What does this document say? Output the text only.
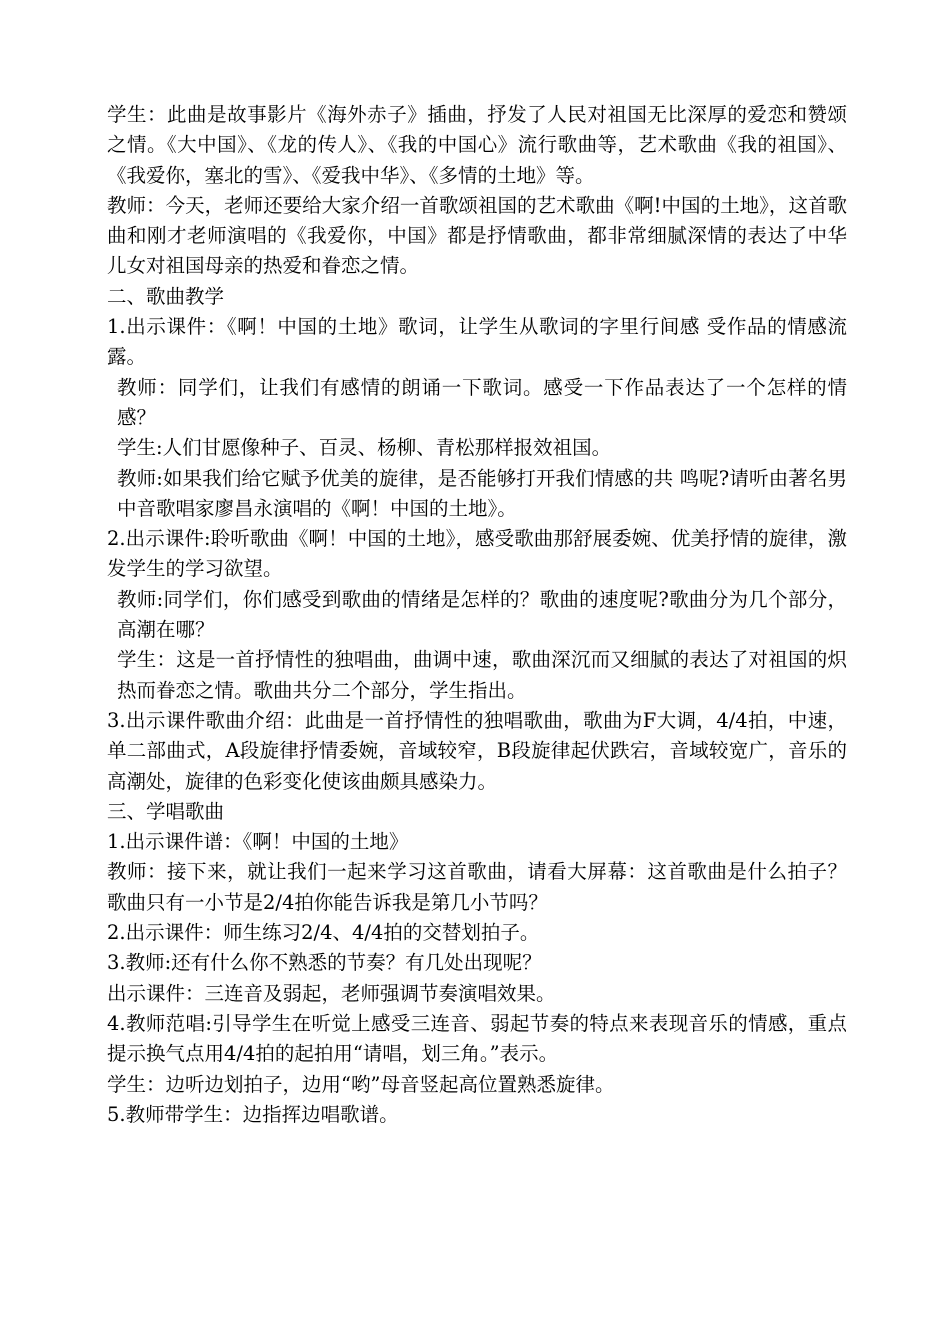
学生：此曲是故事影片《海外赤子》插曲，抒发了人民对祖国无比深厚的爱恋和赞颂之情。《大中国》、《龙的传人》、《我的中国心》流行歌曲等，艺术歌曲《我的祖国》、《我爱你，塞北的雪》、《爱我中华》、《多情的土地》等。

教师：今天，老师还要给大家介绍一首歌颂祖国的艺术歌曲《啊!中国的土地》，这首歌曲和刚才老师演唱的《我爱你，中国》都是抒情歌曲，都非常细腻深情的表达了中华儿女对祖国母亲的热爱和眷恋之情。

二、歌曲教学

1.出示课件：《啊！中国的土地》歌词，让学生从歌词的字里行间感 受作品的情感流露。

教师：同学们，让我们有感情的朗诵一下歌词。感受一下作品表达了一个怎样的情感？

学生:人们甘愿像种子、百灵、杨柳、青松那样报效祖国。

教师:如果我们给它赋予优美的旋律，是否能够打开我们情感的共 鸣呢?请听由著名男中音歌唱家廖昌永演唱的《啊！中国的土地》。

2.出示课件:聆听歌曲《啊！中国的土地》，感受歌曲那舒展委婉、优美抒情的旋律，激发学生的学习欲望。

教师:同学们，你们感受到歌曲的情绪是怎样的？歌曲的速度呢?歌曲分为几个部分，高潮在哪？

学生：这是一首抒情性的独唱曲，曲调中速，歌曲深沉而又细腻的表达了对祖国的炽热而眷恋之情。歌曲共分二个部分，学生指出。

3.出示课件歌曲介绍：此曲是一首抒情性的独唱歌曲，歌曲为F大调，4/4拍，中速，单二部曲式，A段旋律抒情委婉，音域较窄，B段旋律起伏跌宕，音域较宽广，音乐的高潮处，旋律的色彩变化使该曲颇具感染力。

三、学唱歌曲

1.出示课件谱：《啊！中国的土地》

教师：接下来，就让我们一起来学习这首歌曲，请看大屏幕：这首歌曲是什么拍子？歌曲只有一小节是2/4拍你能告诉我是第几小节吗？

2.出示课件：师生练习2/4、4/4拍的交替划拍子。

3.教师:还有什么你不熟悉的节奏？有几处出现呢？

出示课件：三连音及弱起，老师强调节奏演唱效果。

4.教师范唱:引导学生在听觉上感受三连音、弱起节奏的特点来表现音乐的情感，重点提示换气点用4/4拍的起拍用“请唱，划三角。”表示。

学生：边听边划拍子，边用“哟”母音竖起高位置熟悉旋律。

5.教师带学生：边指挥边唱歌谱。
